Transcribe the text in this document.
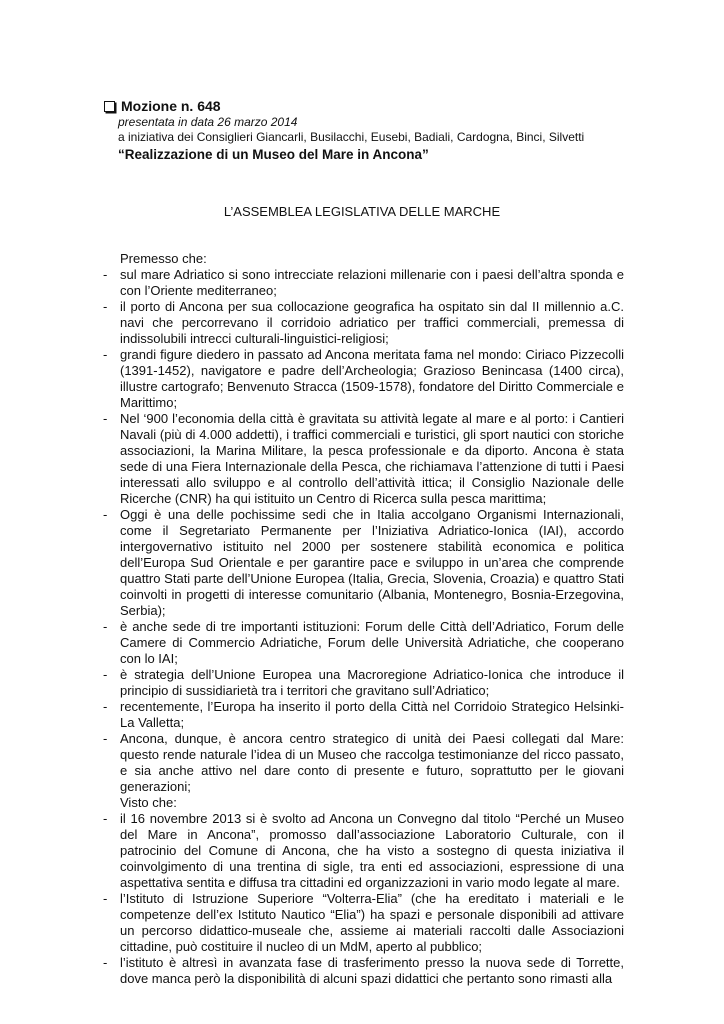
Mozione n. 648
presentata in data 26 marzo 2014
a iniziativa dei Consiglieri Giancarli, Busilacchi, Eusebi, Badiali, Cardogna, Binci, Silvetti
“Realizzazione di un Museo del Mare in Ancona”
L’ASSEMBLEA LEGISLATIVA DELLE MARCHE
Premesso che:
- sul mare Adriatico si sono intrecciate relazioni millenarie con i paesi dell’altra sponda e con l’Oriente mediterraneo;
- il porto di Ancona per sua collocazione geografica ha ospitato sin dal II millennio a.C. navi che percorrevano il corridoio adriatico per traffici commerciali, premessa di indissolubili intrecci culturali-linguistici-religiosi;
- grandi figure diedero in passato ad Ancona meritata fama nel mondo: Ciriaco Pizzecolli (1391-1452), navigatore e padre dell’Archeologia; Grazioso Benincasa (1400 circa), illustre cartografo; Benvenuto Stracca (1509-1578), fondatore del Diritto Commerciale e Marittimo;
- Nel ‘900 l’economia della città è gravitata su attività legate al mare e al porto: i Cantieri Navali (più di 4.000 addetti), i traffici commerciali e turistici, gli sport nautici con storiche associazioni, la Marina Militare, la pesca professionale e da diporto. Ancona è stata sede di una Fiera Internazionale della Pesca, che richiamava l’attenzione di tutti i Paesi interessati allo sviluppo e al controllo dell’attività ittica; il Consiglio Nazionale delle Ricerche (CNR) ha qui istituito un Centro di Ricerca sulla pesca marittima;
- Oggi è una delle pochissime sedi che in Italia accolgano Organismi Internazionali, come il Segretariato Permanente per l’Iniziativa Adriatico-Ionica (IAI), accordo intergovernativo istituito nel 2000 per sostenere stabilità economica e politica dell’Europa Sud Orientale e per garantire pace e sviluppo in un’area che comprende quattro Stati parte dell’Unione Europea (Italia, Grecia, Slovenia, Croazia) e quattro Stati coinvolti in progetti di interesse comunitario (Albania, Montenegro, Bosnia-Erzegovina, Serbia);
- è anche sede di tre importanti istituzioni: Forum delle Città dell’Adriatico, Forum delle Camere di Commercio Adriatiche, Forum delle Università Adriatiche, che cooperano con lo IAI;
- è strategia dell’Unione Europea una Macroregione Adriatico-Ionica che introduce il principio di sussidiarietà tra i territori che gravitano sull’Adriatico;
- recentemente, l’Europa ha inserito il porto della Città nel Corridoio Strategico Helsinki-La Valletta;
- Ancona, dunque, è ancora centro strategico di unità dei Paesi collegati dal Mare: questo rende naturale l’idea di un Museo che raccolga testimonianze del ricco passato, e sia anche attivo nel dare conto di presente e futuro, soprattutto per le giovani generazioni;
Visto che:
- il 16 novembre 2013 si è svolto ad Ancona un Convegno dal titolo “Perché un Museo del Mare in Ancona”, promosso dall’associazione Laboratorio Culturale, con il patrocinio del Comune di Ancona, che ha visto a sostegno di questa iniziativa il coinvolgimento di una trentina di sigle, tra enti ed associazioni, espressione di una aspettativa sentita e diffusa tra cittadini ed organizzazioni in vario modo legate al mare.
- l’Istituto di Istruzione Superiore “Volterra-Elia” (che ha ereditato i materiali e le competenze dell’ex Istituto Nautico “Elia”) ha spazi e personale disponibili ad attivare un percorso didattico-museale che, assieme ai materiali raccolti dalle Associazioni cittadine, può costituire il nucleo di un MdM, aperto al pubblico;
- l’istituto è altresì in avanzata fase di trasferimento presso la nuova sede di Torrette, dove manca però la disponibilità di alcuni spazi didattici che pertanto sono rimasti alla
